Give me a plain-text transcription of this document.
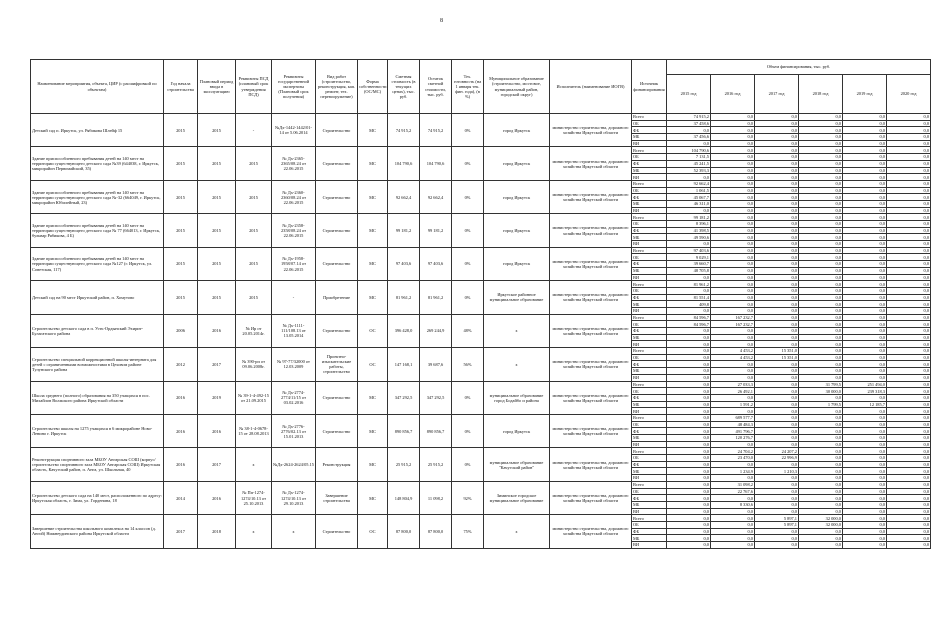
8
Наименование мероприятия, объекта, ЦИР (с расшифровкой по объектам)	Год начала строительства	Плановый период ввода в эксплуатацию	Реквизиты ПСД (плановый срок утверждения ПСД)	Реквизиты государственной экспертизы (Плановый срок получения)	Вид работ (строительство, реконструкция, кап. ремонт, тех. перевооружение)	Форма собственности (ОС/МС)	Сметная стоимость (в текущих ценах), тыс. руб.	Остаток сметной стоимости, тыс. руб.	Тех. готовность (на 1 января тек. фин. года), (в %)	Муниципальное образование (строительство, мостовое, муниципальный район, городской округ)	Исполнитель (наименование ИОГВ)	Источник финансирования	Объем финансирования, тыс. руб.					
													2015 год	2016 год	2017 год	2018 год	2019 год	2020 год

Детский сад п. Иркутск, ул. Рябикова Шлейф 15	2015	2015	-	№Дх-1442-1442/01-14 от 5.06.2014	Строительство	МС	74 915,2	74 915,2	0%	город Иркутск	министерство строительства, дорожного хозяйства Иркутской области	Всего	74 915,2	0,0	0,0	0,0	0,0	0,0
												ОБ	37 458,6	0,0	0,0	0,0	0,0	0,0
												ФБ	0,0	0,0	0,0	0,0	0,0	0,0
												МБ	37 456,6	0,0	0,0	0,0	0,0	0,0
												ВИ	0,0	0,0	0,0	0,0	0,0	0,0
Здание приспособленного пребывания детей на 140 мест на территории существующего детского сада №39 (644038, г. Иркутск, микрорайон Первомайский, 35)	2015	2015	2015	№ Дх-2365-2365/08.24 от 22.06.2015	Строительство	МС	104 790,6	104 790,6	0%	город Иркутск	министерство строительства, дорожного хозяйства Иркутской области	Всего	104 790,6	0,0	0,0	0,0	0,0	0,0
												ОБ	7 131,5	0,0	0,0	0,0	0,0	0,0
												ФБ	45 241,5	0,0	0,0	0,0	0,0	0,0
												МБ	52 393,3	0,0	0,0	0,0	0,0	0,0
												ВИ	0,0	0,0	0,0	0,0	0,0	0,0
Здание приспособленного пребывания детей на 140 мест на территории существующего детского сада №-32 (664049, г. Иркутск, микрорайон Юбилейный, 23)	2015	2015	2015	№ Дх-2360-2360/08.24 от 22.06.2015	Строительство	МС	92 662,4	92 662,4	0%	город Иркутск	министерство строительства, дорожного хозяйства Иркутской области	Всего	92 662,4	0,0	0,0	0,0	0,0	0,0
												ОБ	1 061,5	0,0	0,0	0,0	0,0	0,0
												ФБ	45 067,7	0,0	0,0	0,0	0,0	0,0
												МБ	46 311,0	0,0	0,0	0,0	0,0	0,0
												ВИ	0,0	0,0	0,0	0,0	0,0	0,0
Здание приспособленного пребывания детей на 140 мест на территории существующего детского сада № 77 (664013, г. Иркутск, бульвар Рябикова, 4 Б)	2015	2015	2015	№ Дх-2358-2358/08.24 от 22.06.2015	Строительство	МС	99 181,2	99 181,2	0%	город Иркутск	министерство строительства, дорожного хозяйства Иркутской области	Всего	99 181,2	0,0	0,0	0,0	0,0	0,0
												ОБ	8 396,1	0,0	0,0	0,0	0,0	0,0
												ФБ	41 398,5	0,0	0,0	0,0	0,0	0,0
												МБ	49 590,6	0,0	0,0	0,0	0,0	0,0
												ВИ	0,0	0,0	0,0	0,0	0,0	0,0
Здание приспособленного пребывания детей на 140 мест на территории существующего детского сада №127 (г. Иркутск, ул. Советская, 117)	2015	2015	2015	№ Дх-1958-1958/07.14 от 22.06.2015	Строительство	МС	97 403,6	97 403,6	0%	город Иркутск	министерство строительства, дорожного хозяйства Иркутской области	Всего	97 403,6	0,0	0,0	0,0	0,0	0,0
												ОБ	9 029,1	0,0	0,0	0,0	0,0	0,0
												ФБ	39 660,7	0,0	0,0	0,0	0,0	0,0
												МБ	48 705,8	0,0	0,0	0,0	0,0	0,0
												ВИ	0,0	0,0	0,0	0,0	0,0	0,0
Детский сад на 90 мест Иркутский район, п. Хомутово	2015	2015	2015	-	Приобретение	МС	81 961,2	81 961,2	0%	Иркутское районное муниципальное образование	министерство строительства, дорожного хозяйства Иркутской области	Всего	81 961,2	0,0	0,0	0,0	0,0	0,0
												ОБ	0,0	0,0	0,0	0,0	0,0	0,0
												ФБ	81 551,4	0,0	0,0	0,0	0,0	0,0
												МБ	409,8	0,0	0,0	0,0	0,0	0,0
												ВИ	0,0	0,0	0,0	0,0	0,0	0,0
Строительство детского сада в п. Усть-Ордынский Эхирит-Булагатского района	2006	2016	№ Ир от 20.05.2014г.	№ Дх-1111-111/108.13 от 13.05.2014	Строительство	ОС	396 428,0	269 244,9	48%	х	министерство строительства, дорожного хозяйства Иркутской области	Всего	84 596,7	167 232,7	0,0	0,0	0,0	0,0
												ОБ	84 596,7	167 232,7	0,0	0,0	0,0	0,0
												ФБ	0,0	0,0	0,0	0,0	0,0	0,0
												МБ	0,0	0,0	0,0	0,0	0,0	0,0
												ВИ	0,0	0,0	0,0	0,0	0,0	0,0
Строительство специальной коррекционной школы-интерната для детей с ограниченными возможностями в Цеховом районе Тулунского района	2012	2017	№ 390-рп от 09.06.2008г.	№ 97-77/32000 от 12.03.2009	Проектно-изыскательские работы, строительство	ОС	147 168,1	39 687,6	56%	х	министерство строительства, дорожного хозяйства Иркутской области	Всего	0,0	4 453,2	15 351,0	0,0	0,0	0,0
												ОБ	0,0	4 453,2	15 351,0	0,0	0,0	0,0
												ФБ	0,0	0,0	0,0	0,0	0,0	0,0
												МБ	0,0	0,0	0,0	0,0	0,0	0,0
												ВИ	0,0	0,0	0,0	0,0	0,0	0,0
Школа среднего (полного) образования на 350 учащихся в пос. Михайлов Волжского района Иркутской области	2016	2019	№ 39-1-4-492-15 от 21.09.2015	№ Дх-2774-2774/11/15 от 03.02.2016	Строительство	МС	347 292,5	347 292,5	0%	муниципальное образование город Бодайбо и района	министерство строительства, дорожного хозяйства Иркутской области	Всего	0,0	27 033,3	0,0	31 799,5	251 494,0	0,0
												ОБ	0,0	26 492,1	0,0	30 000,0	239 318,3	0,0
												ФБ	0,0	0,0	0,0	0,0	0,0	0,0
												МБ	0,0	1 591,2	0,0	1 799,5	12 185,7	0,0
												ВИ	0,0	0,0	0,0	0,0	0,0	0,0
Строительство школы на 1275 учащихся в 6 микрорайоне Ново-Ленино г. Иркутск	2016	2016	№ 38-1-4-0678-15 от 28.08.2013	№ Дх-2776-2776/02.13 от 15.01.2013	Строительство	МС	890 856,7	890 856,7	0%	город Иркутск	министерство строительства, дорожного хозяйства Иркутской области	Всего	0,0	689 577,7	0,0	0,0	0,0	0,0
												ОБ	0,0	48 484,3	0,0	0,0	0,0	0,0
												ФБ	0,0	491 796,7	0,0	0,0	0,0	0,0
												МБ	0,0	120 276,7	0,0	0,0	0,0	0,0
												ВИ	0,0	0,0	0,0	0,0	0,0	0,0
Реконструкция спортивного зала МБОУ Ангарская СОШ (корпус/строительство спортивного зала МБОУ Ангарская СОШ) Иркутская область, Качугский район, п. Анга, ул. Школьная, 40	2016	2017	х	№Дх-2624-2624/05.15	Реконструкция	МС	25 915,2	25 915,2	0%	муниципальное образование "Качугский район"	министерство строительства, дорожного хозяйства Иркутской области	Всего	0,0	24 704,2	24 207,2	0,0	0,0	0,0
												ОБ	0,0	23 470,0	22 996,9	0,0	0,0	0,0
												ФБ	0,0	0,0	0,0	0,0	0,0	0,0
												МБ	0,0	1 234,9	1 210,3	0,0	0,0	0,0
												ВИ	0,0	0,0	0,0	0,0	0,0	0,0
Строительство детского сада на 140 мест, расположенного по адресу: Иркутская область, г. Зима, ул. Горденина, 18	2014	2016	№ Пп-1274-1274/10.13 от 25.10.2013	№ Дх-1274-1274/10.13 от 29.10.2013	Завершение строительства	МС	148 804,9	11 098,2	92%	Зиминское городское муниципальное образование	министерство строительства, дорожного хозяйства Иркутской области	Всего	0,0	31 098,2	0,0	0,0	0,0	0,0
												ОБ	0,0	22 767,6	0,0	0,0	0,0	0,0
												ФБ	0,0	0,0	0,0	0,0	0,0	0,0
												МБ	0,0	8 330,6	0,0	0,0	0,0	0,0
												ВИ	0,0	0,0	0,0	0,0	0,0	0,0
Завершение строительства школьного комплекса на 14 классов (д. Ангой) Нижнеудинского района Иркутской области	2017	2018	х	х	Строительство	ОС	87 800,0	87 800,0	75%	х	министерство строительства, дорожного хозяйства Иркутской области	Всего	0,0	0,0	5 897,1	32 000,0	0,0	0,0
												ОБ	0,0	0,0	5 897,1	32 000,0	0,0	0,0
												ФБ	0,0	0,0	0,0	0,0	0,0	0,0
												МБ	0,0	0,0	0,0	0,0	0,0	0,0
												ВИ	0,0	0,0	0,0	0,0	0,0	0,0
